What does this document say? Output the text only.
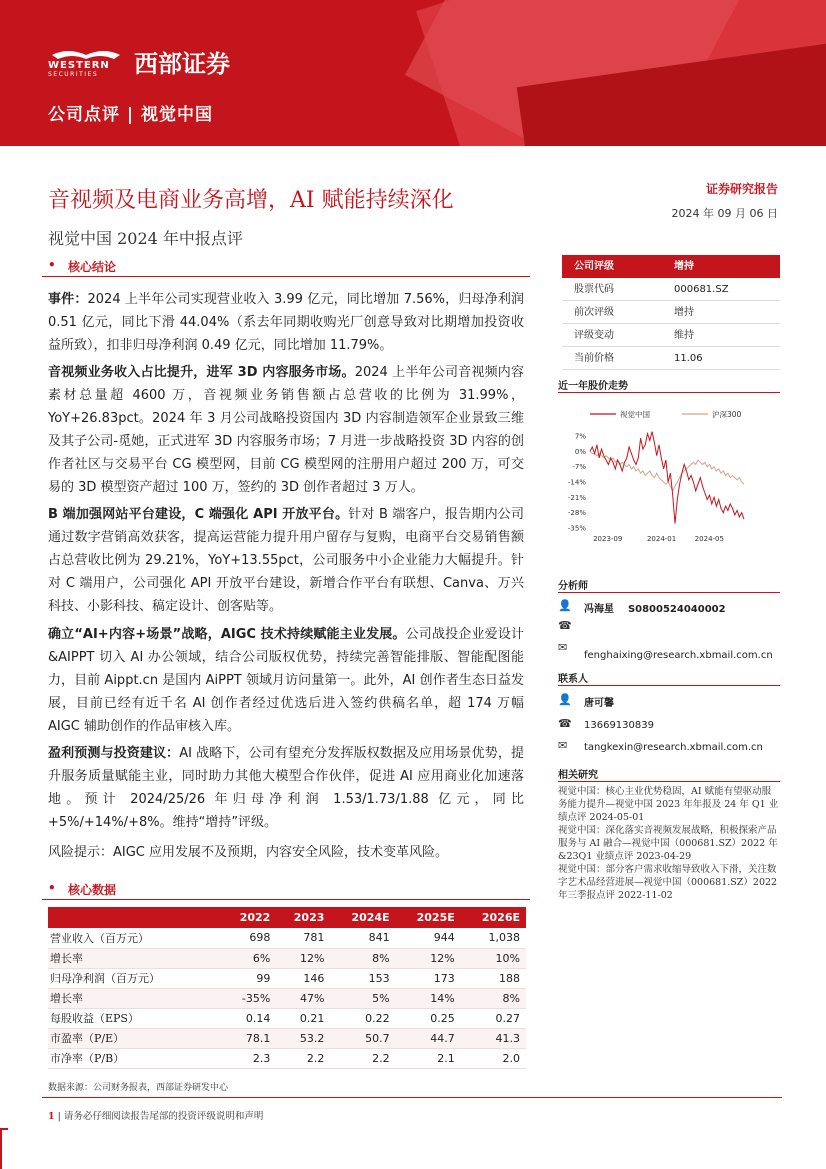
WESTERN
SECURITIES	西部证券
公司点评 | 视觉中国
音视频及电商业务高增，AI 赋能持续深化
视觉中国 2024 年中报点评
证券研究报告
2024 年 09 月 06 日
• 核心结论
事件：2024 上半年公司实现营业收入 3.99 亿元，同比增加 7.56%，归母净利润 0.51 亿元，同比下滑 44.04%（系去年同期收购光厂创意导致对比期增加投资收益所致），扣非归母净利润 0.49 亿元，同比增加 11.79%。
音视频业务收入占比提升，进军 3D 内容服务市场。2024 上半年公司音视频内容素材总量超 4600 万，音视频业务销售额占总营收的比例为 31.99%，YoY+26.83pct。2024 年 3 月公司战略投资国内 3D 内容制造领军企业景致三维及其子公司-觅她，正式进军 3D 内容服务市场；7 月进一步战略投资 3D 内容的创作者社区与交易平台 CG 模型网，目前 CG 模型网的注册用户超过 200 万，可交易的 3D 模型资产超过 100 万，签约的 3D 创作者超过 3 万人。
B 端加强网站平台建设，C 端强化 API 开放平台。针对 B 端客户，报告期内公司通过数字营销高效获客，提高运营能力提升用户留存与复购，电商平台交易销售额占总营收比例为 29.21%，YoY+13.55pct，公司服务中小企业能力大幅提升。针对 C 端用户，公司强化 API 开放平台建设，新增合作平台有联想、Canva、万兴科技、小影科技、稿定设计、创客贴等。
确立“AI+内容+场景”战略，AIGC 技术持续赋能主业发展。公司战投企业爱设计&AIPPT 切入 AI 办公领域，结合公司版权优势，持续完善智能排版、智能配图能力，目前 Aippt.cn 是国内 AiPPT 领域月访问量第一。此外，AI 创作者生态日益发展，目前已经有近千名 AI 创作者经过优选后进入签约供稿名单，超 174 万幅 AIGC 辅助创作的作品审核入库。
盈利预测与投资建议：AI 战略下，公司有望充分发挥版权数据及应用场景优势，提升服务质量赋能主业，同时助力其他大模型合作伙伴，促进 AI 应用商业化加速落地。预计 2024/25/26 年归母净利润 1.53/1.73/1.88 亿元，同比+5%/+14%/+8%。维持“增持”评级。
风险提示：AIGC 应用发展不及预期，内容安全风险，技术变革风险。
公司评级	增持
股票代码	000681.SZ
前次评级	增持
评级变动	维持
当前价格	11.06
近一年股价走势
视觉中国	沪深300
7%
0%
-7%
-14%
-21%
-28%
-35%
2023-09	2024-01	2024-05
分析师
👤 冯海星 S0800524040002
☎
✉
fenghaixing@research.xbmail.com.cn
联系人
👤 唐可馨
☎ 13669130839
✉ tangkexin@research.xbmail.com.cn
相关研究
视觉中国：核心主业优势稳固，AI 赋能有望驱动服务能力提升—视觉中国 2023 年年报及 24 年 Q1 业绩点评 2024-05-01
视觉中国：深化落实音视频发展战略，积极探索产品服务与 AI 融合—视觉中国（000681.SZ）2022 年&23Q1 业绩点评 2023-04-29
视觉中国：部分客户需求收缩导致收入下滑，关注数字艺术品经营进展—视觉中国（000681.SZ）2022 年三季报点评 2022-11-02
• 核心数据
	2022	2023	2024E	2025E	2026E
营业收入（百万元）	698	781	841	944	1,038
增长率	6%	12%	8%	12%	10%
归母净利润（百万元）	99	146	153	173	188
增长率	-35%	47%	5%	14%	8%
每股收益（EPS）	0.14	0.21	0.22	0.25	0.27
市盈率（P/E）	78.1	53.2	50.7	44.7	41.3
市净率（P/B）	2.3	2.2	2.2	2.1	2.0
数据来源：公司财务报表，西部证券研发中心
1 | 请务必仔细阅读报告尾部的投资评级说明和声明
